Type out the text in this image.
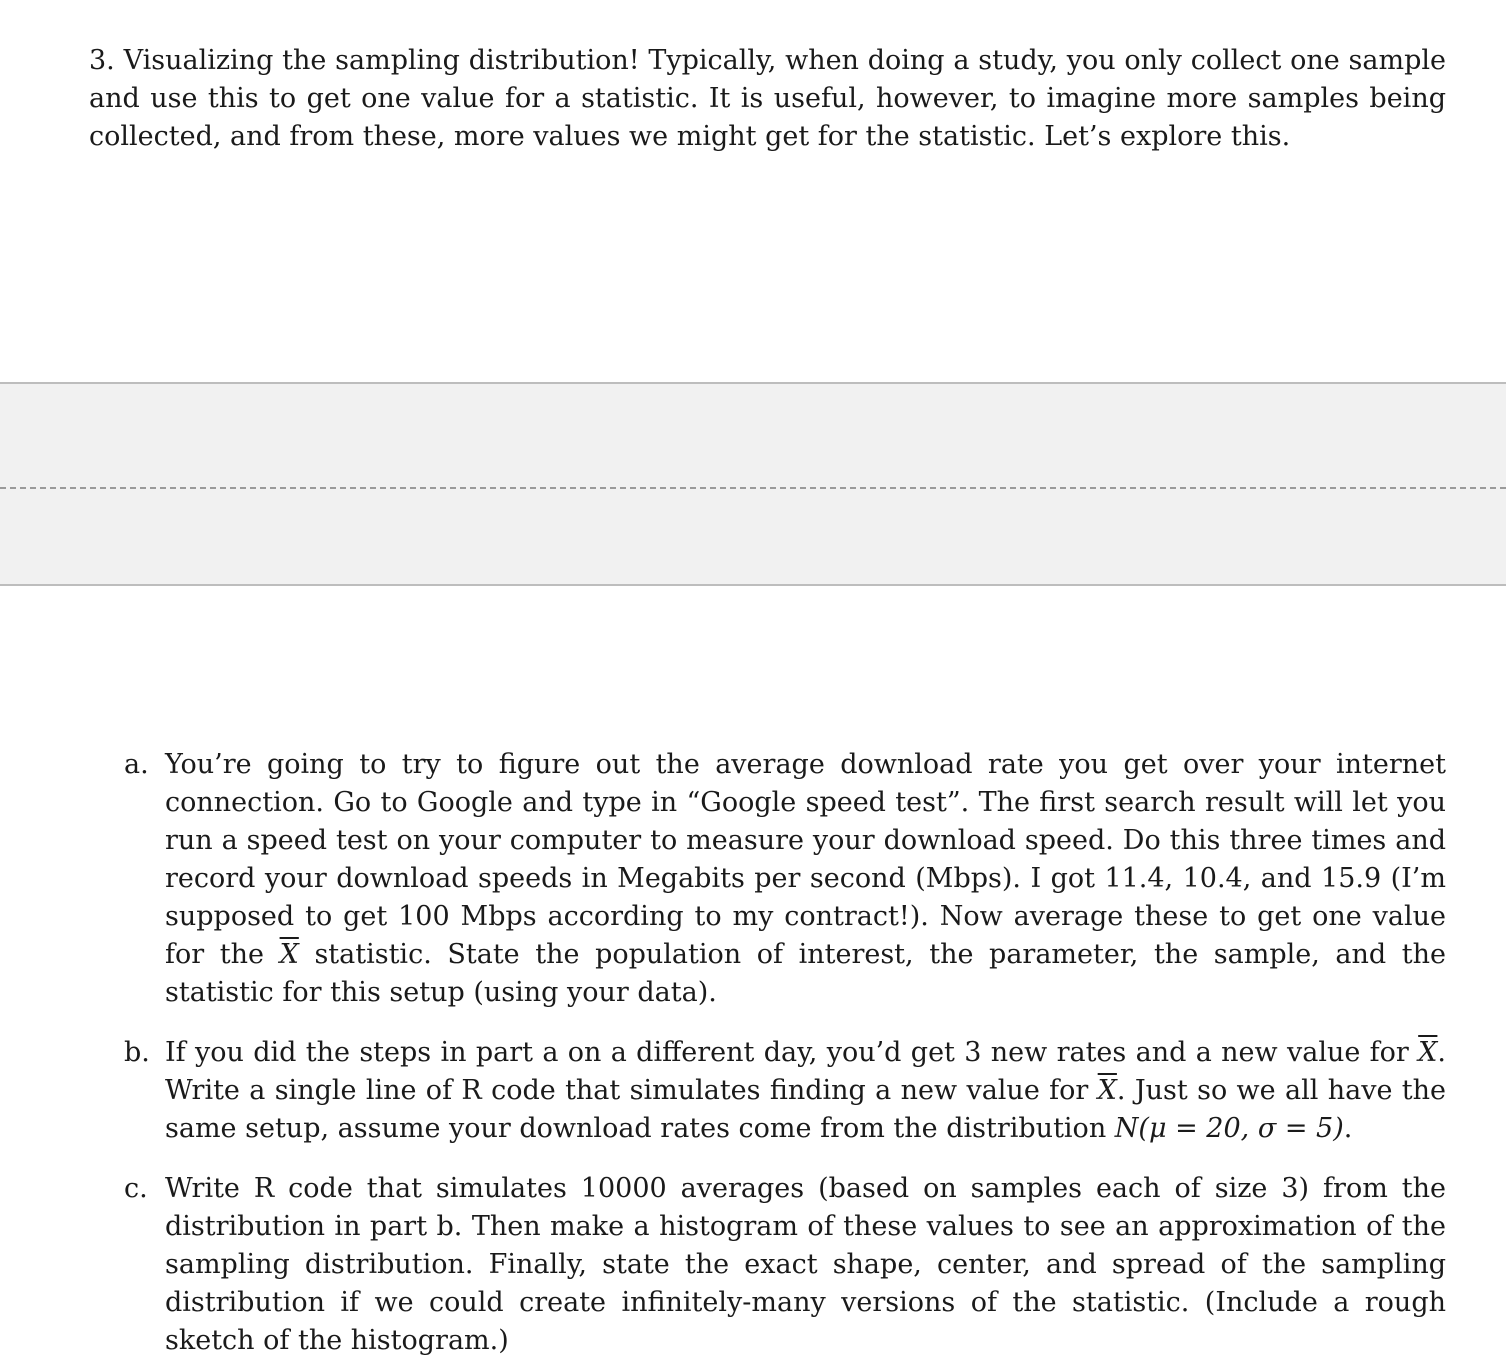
3. Visualizing the sampling distribution! Typically, when doing a study, you only collect one sample and use this to get one value for a statistic. It is useful, however, to imagine more samples being collected, and from these, more values we might get for the statistic. Let’s explore this.

a. You’re going to try to figure out the average download rate you get over your internet connection. Go to Google and type in “Google speed test”. The first search result will let you run a speed test on your computer to measure your download speed. Do this three times and record your download speeds in Megabits per second (Mbps). I got 11.4, 10.4, and 15.9 (I’m supposed to get 100 Mbps according to my contract!). Now average these to get one value for the $\overline{X}$ statistic. State the population of interest, the parameter, the sample, and the statistic for this setup (using your data).
b. If you did the steps in part a on a different day, you’d get 3 new rates and a new value for $\overline{X}$. Write a single line of R code that simulates finding a new value for $\overline{X}$. Just so we all have the same setup, assume your download rates come from the distribution N(μ = 20, σ = 5).
c. Write R code that simulates 10000 averages (based on samples each of size 3) from the distribution in part b. Then make a histogram of these values to see an approximation of the sampling distribution. Finally, state the exact shape, center, and spread of the sampling distribution if we could create infinitely-many versions of the statistic. (Include a rough sketch of the histogram.)
